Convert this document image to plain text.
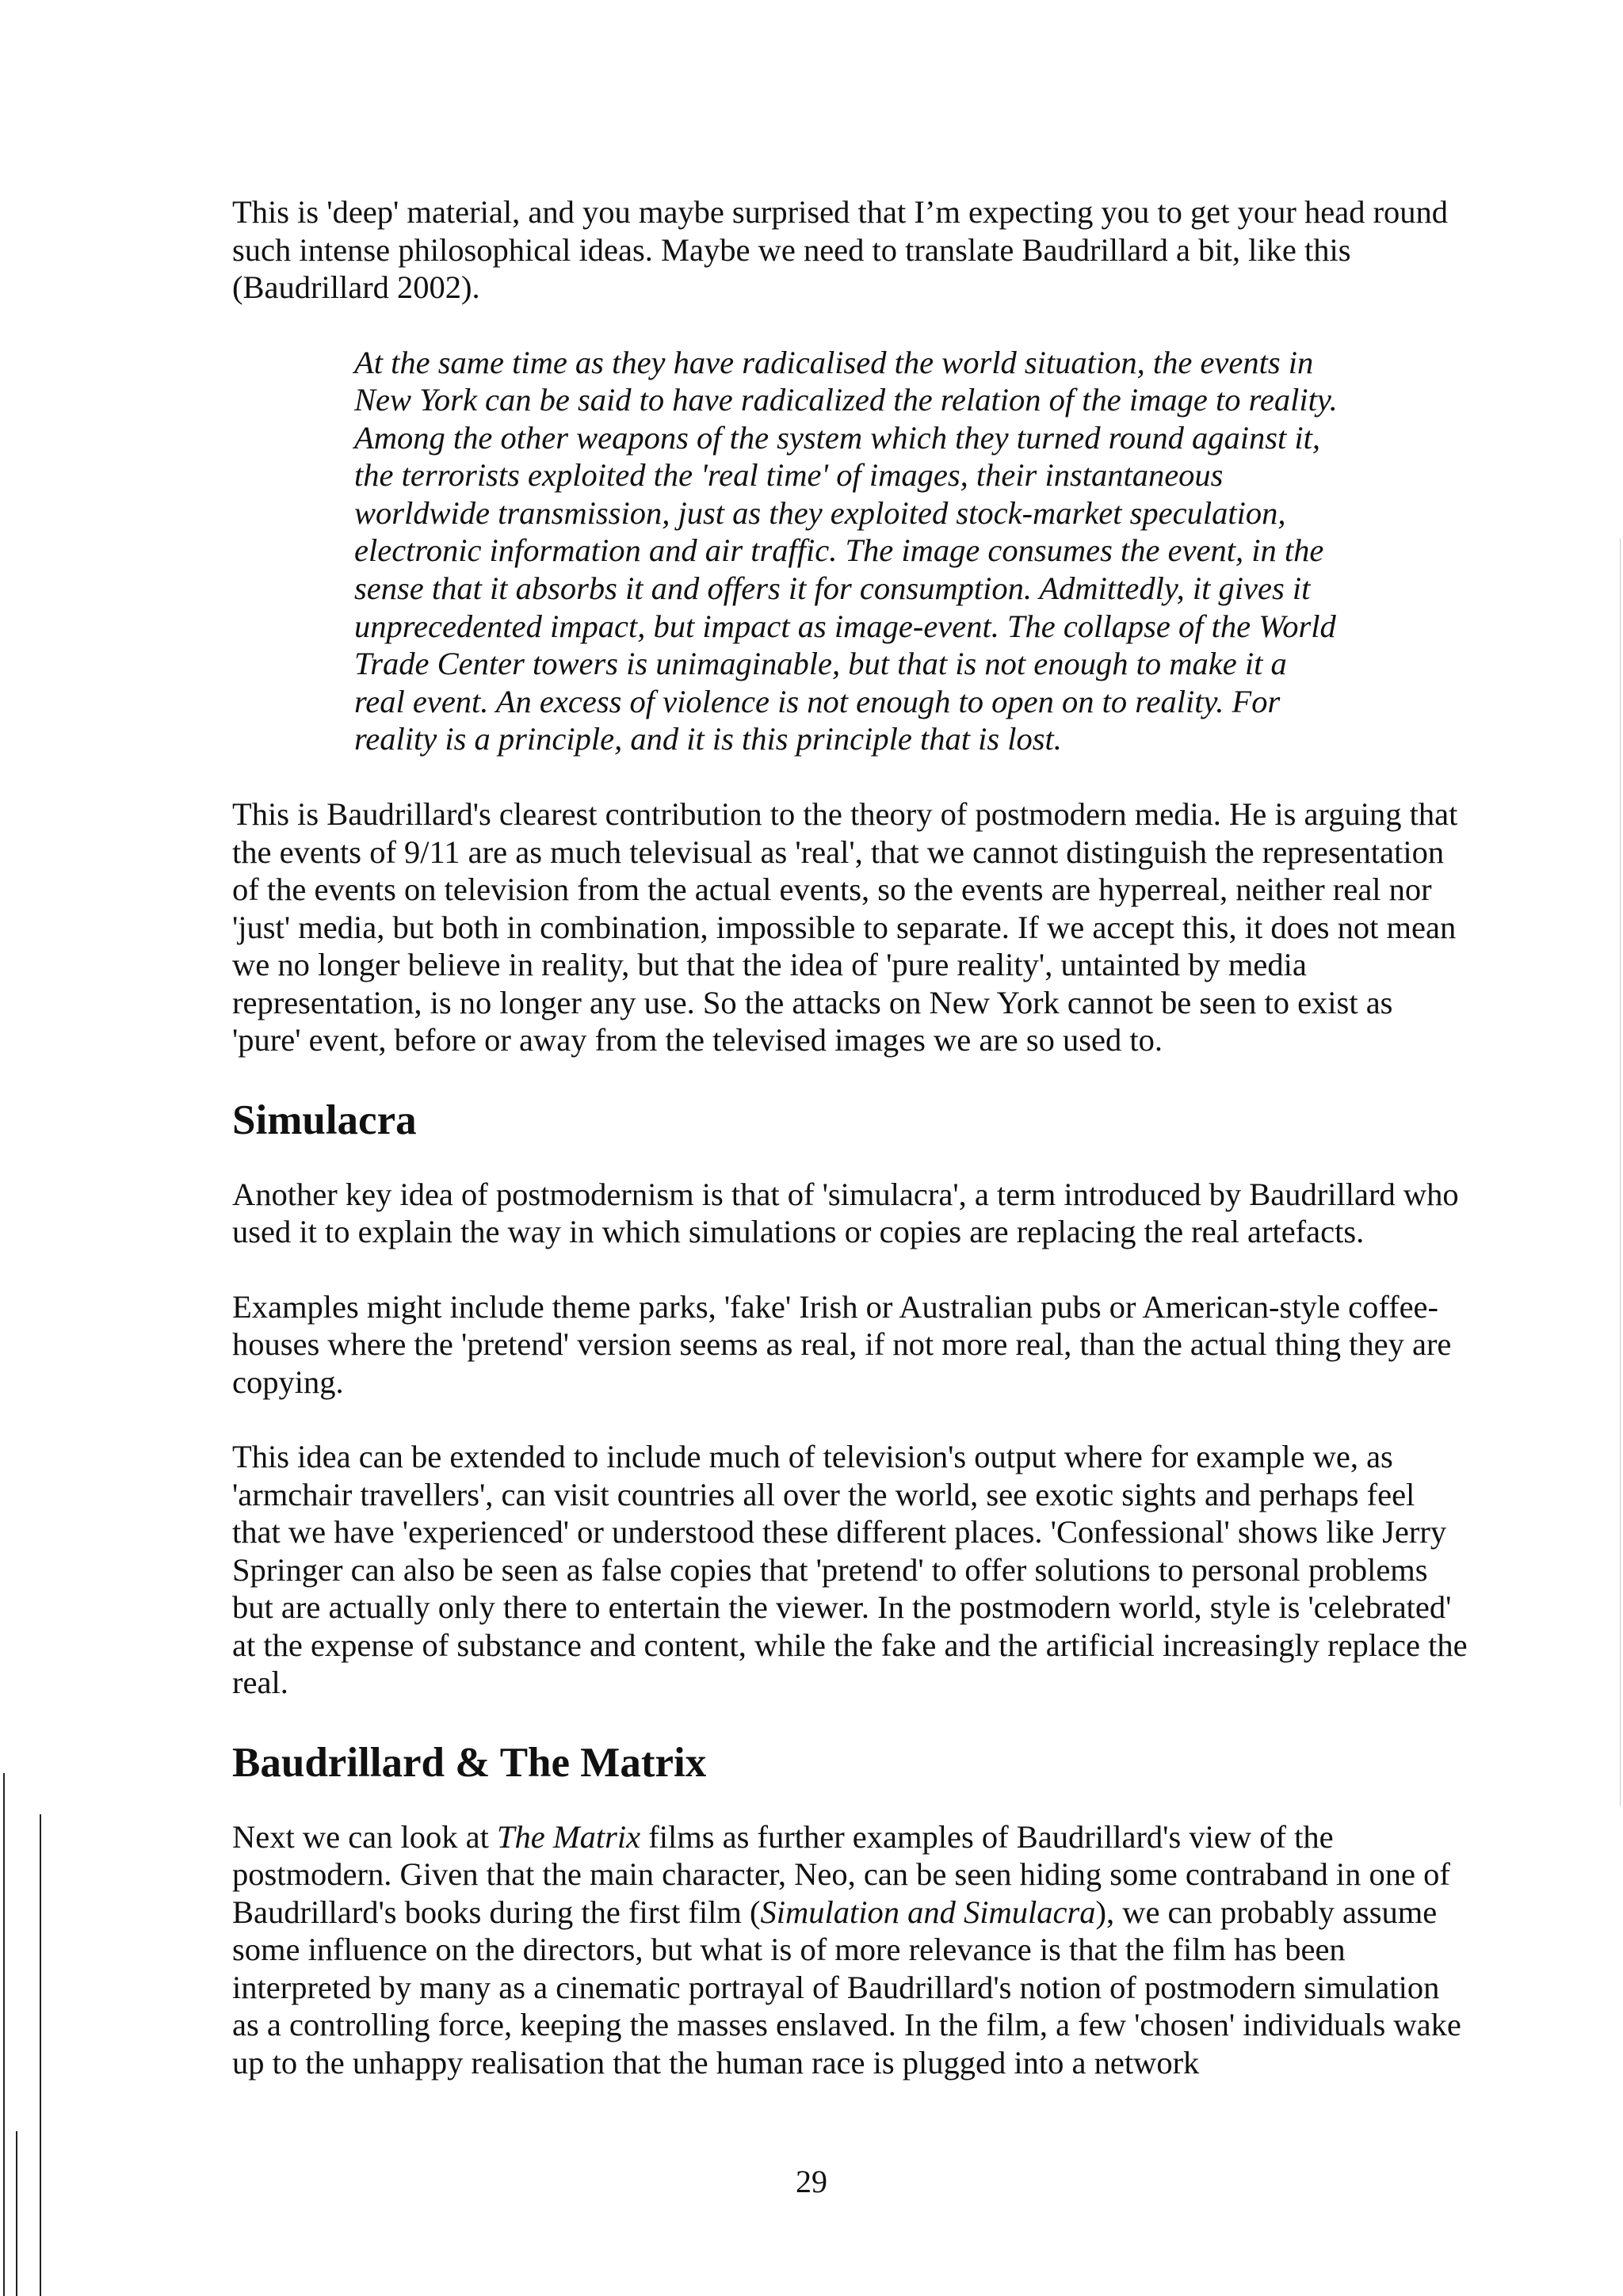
This is 'deep' material, and you maybe surprised that I’m expecting you to get your head round such intense philosophical ideas. Maybe we need to translate Baudrillard a bit, like this (Baudrillard 2002).

At the same time as they have radicalised the world situation, the events in New York can be said to have radicalized the relation of the image to reality. Among the other weapons of the system which they turned round against it, the terrorists exploited the 'real time' of images, their instantaneous worldwide transmission, just as they exploited stock-market speculation, electronic information and air traffic. The image consumes the event, in the sense that it absorbs it and offers it for consumption. Admittedly, it gives it unprecedented impact, but impact as image-event. The collapse of the World Trade Center towers is unimaginable, but that is not enough to make it a real event. An excess of violence is not enough to open on to reality. For reality is a principle, and it is this principle that is lost.

This is Baudrillard's clearest contribution to the theory of postmodern media. He is arguing that the events of 9/11 are as much televisual as 'real', that we cannot distinguish the representation of the events on television from the actual events, so the events are hyperreal, neither real nor 'just' media, but both in combination, impossible to separate. If we accept this, it does not mean we no longer believe in reality, but that the idea of 'pure reality', untainted by media representation, is no longer any use. So the attacks on New York cannot be seen to exist as 'pure' event, before or away from the televised images we are so used to.

Simulacra

Another key idea of postmodernism is that of 'simulacra', a term introduced by Baudrillard who used it to explain the way in which simulations or copies are replacing the real artefacts.

Examples might include theme parks, 'fake' Irish or Australian pubs or American-style coffee-houses where the 'pretend' version seems as real, if not more real, than the actual thing they are copying.

This idea can be extended to include much of television's output where for example we, as 'armchair travellers', can visit countries all over the world, see exotic sights and perhaps feel that we have 'experienced' or understood these different places. 'Confessional' shows like Jerry Springer can also be seen as false copies that 'pretend' to offer solutions to personal problems but are actually only there to entertain the viewer. In the postmodern world, style is 'celebrated' at the expense of substance and content, while the fake and the artificial increasingly replace the real.

Baudrillard & The Matrix

Next we can look at The Matrix films as further examples of Baudrillard's view of the postmodern. Given that the main character, Neo, can be seen hiding some contraband in one of Baudrillard's books during the first film (Simulation and Simulacra), we can probably assume some influence on the directors, but what is of more relevance is that the film has been interpreted by many as a cinematic portrayal of Baudrillard's notion of postmodern simulation as a controlling force, keeping the masses enslaved. In the film, a few 'chosen' individuals wake up to the unhappy realisation that the human race is plugged into a network

29
